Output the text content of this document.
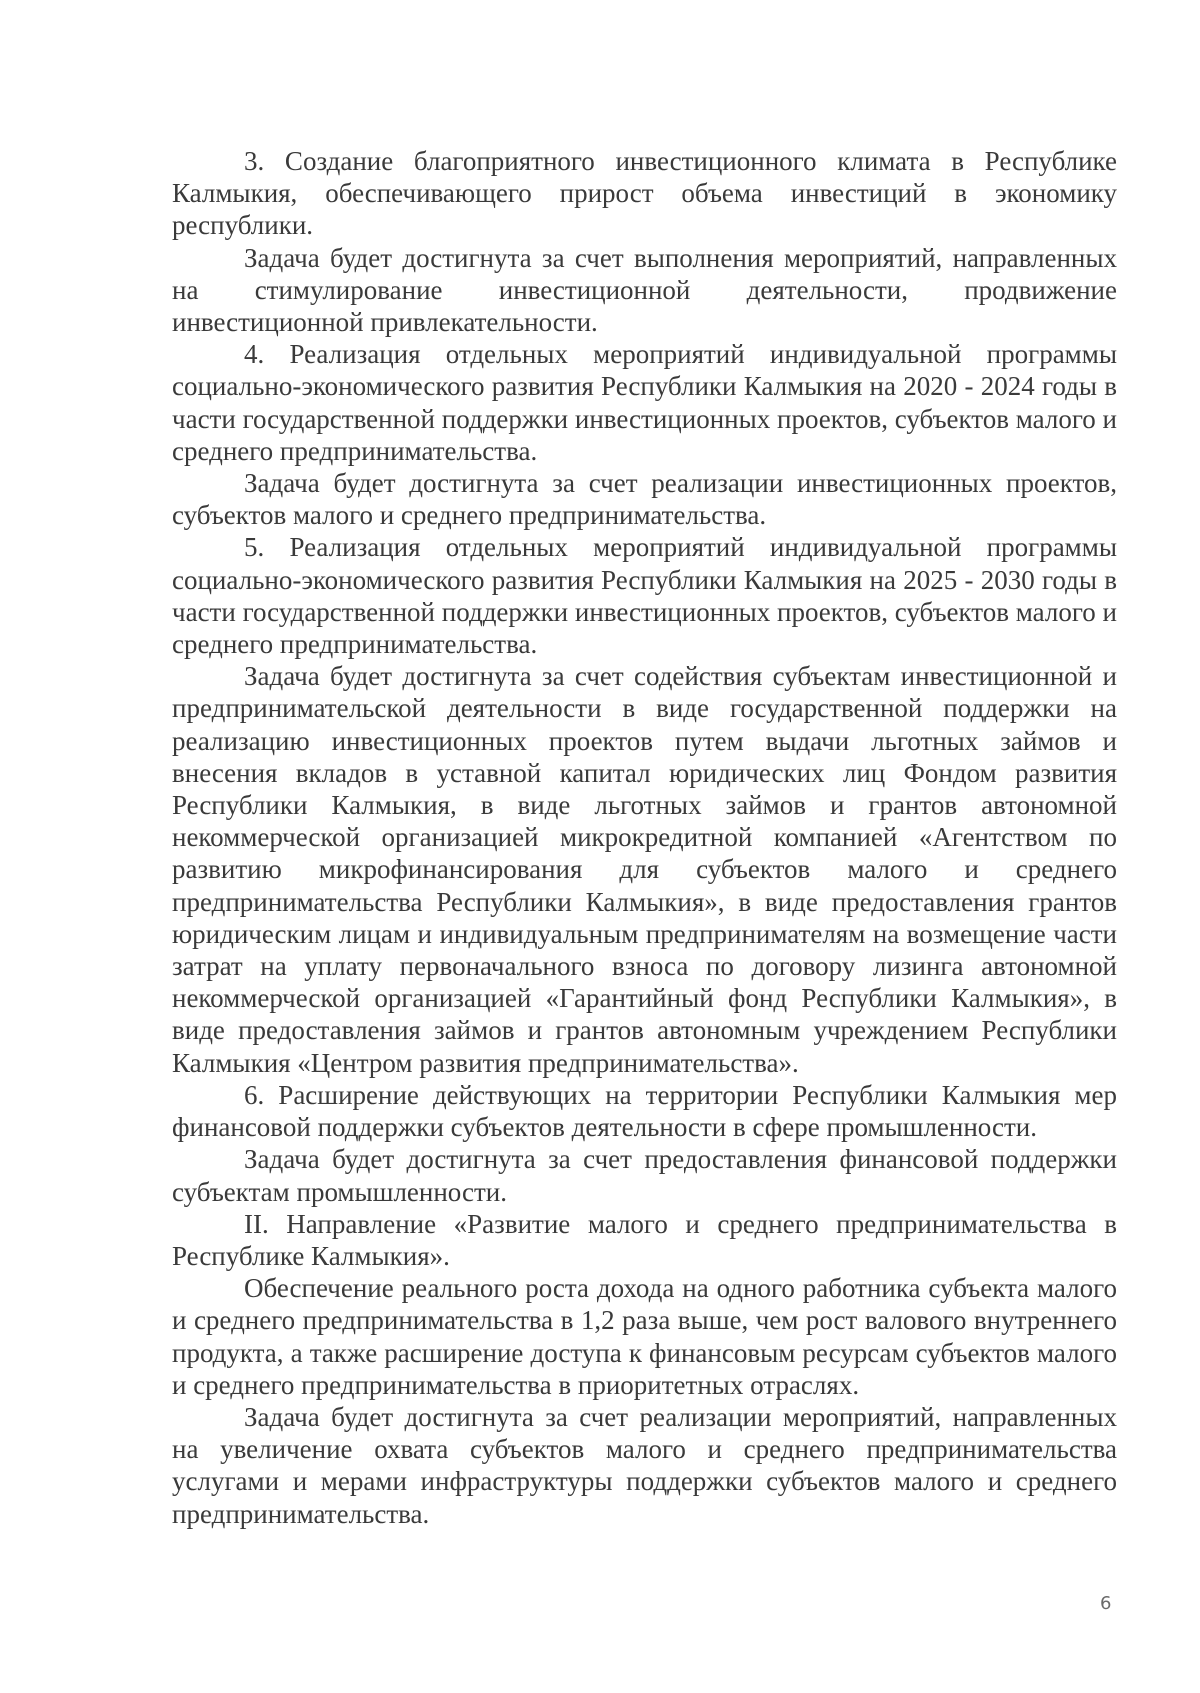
3. Создание благоприятного инвестиционного климата в Республике Калмыкия, обеспечивающего прирост объема инвестиций в экономику республики.

Задача будет достигнута за счет выполнения мероприятий, направленных на стимулирование инвестиционной деятельности, продвижение инвестиционной привлекательности.

4. Реализация отдельных мероприятий индивидуальной программы социально-экономического развития Республики Калмыкия на 2020 - 2024 годы в части государственной поддержки инвестиционных проектов, субъектов малого и среднего предпринимательства.

Задача будет достигнута за счет реализации инвестиционных проектов, субъектов малого и среднего предпринимательства.

5. Реализация отдельных мероприятий индивидуальной программы социально-экономического развития Республики Калмыкия на 2025 - 2030 годы в части государственной поддержки инвестиционных проектов, субъектов малого и среднего предпринимательства.

Задача будет достигнута за счет содействия субъектам инвестиционной и предпринимательской деятельности в виде государственной поддержки на реализацию инвестиционных проектов путем выдачи льготных займов и внесения вкладов в уставной капитал юридических лиц Фондом развития Республики Калмыкия, в виде льготных займов и грантов автономной некоммерческой организацией микрокредитной компанией «Агентством по развитию микрофинансирования для субъектов малого и среднего предпринимательства Республики Калмыкия», в виде предоставления грантов юридическим лицам и индивидуальным предпринимателям на возмещение части затрат на уплату первоначального взноса по договору лизинга автономной некоммерческой организацией «Гарантийный фонд Республики Калмыкия», в виде предоставления займов и грантов автономным учреждением Республики Калмыкия «Центром развития предпринимательства».

6. Расширение действующих на территории Республики Калмыкия мер финансовой поддержки субъектов деятельности в сфере промышленности.

Задача будет достигнута за счет предоставления финансовой поддержки субъектам промышленности.

II. Направление «Развитие малого и среднего предпринимательства в Республике Калмыкия».

Обеспечение реального роста дохода на одного работника субъекта малого и среднего предпринимательства в 1,2 раза выше, чем рост валового внутреннего продукта, а также расширение доступа к финансовым ресурсам субъектов малого и среднего предпринимательства в приоритетных отраслях.

Задача будет достигнута за счет реализации мероприятий, направленных на увеличение охвата субъектов малого и среднего предпринимательства услугами и мерами инфраструктуры поддержки субъектов малого и среднего предпринимательства.

6
